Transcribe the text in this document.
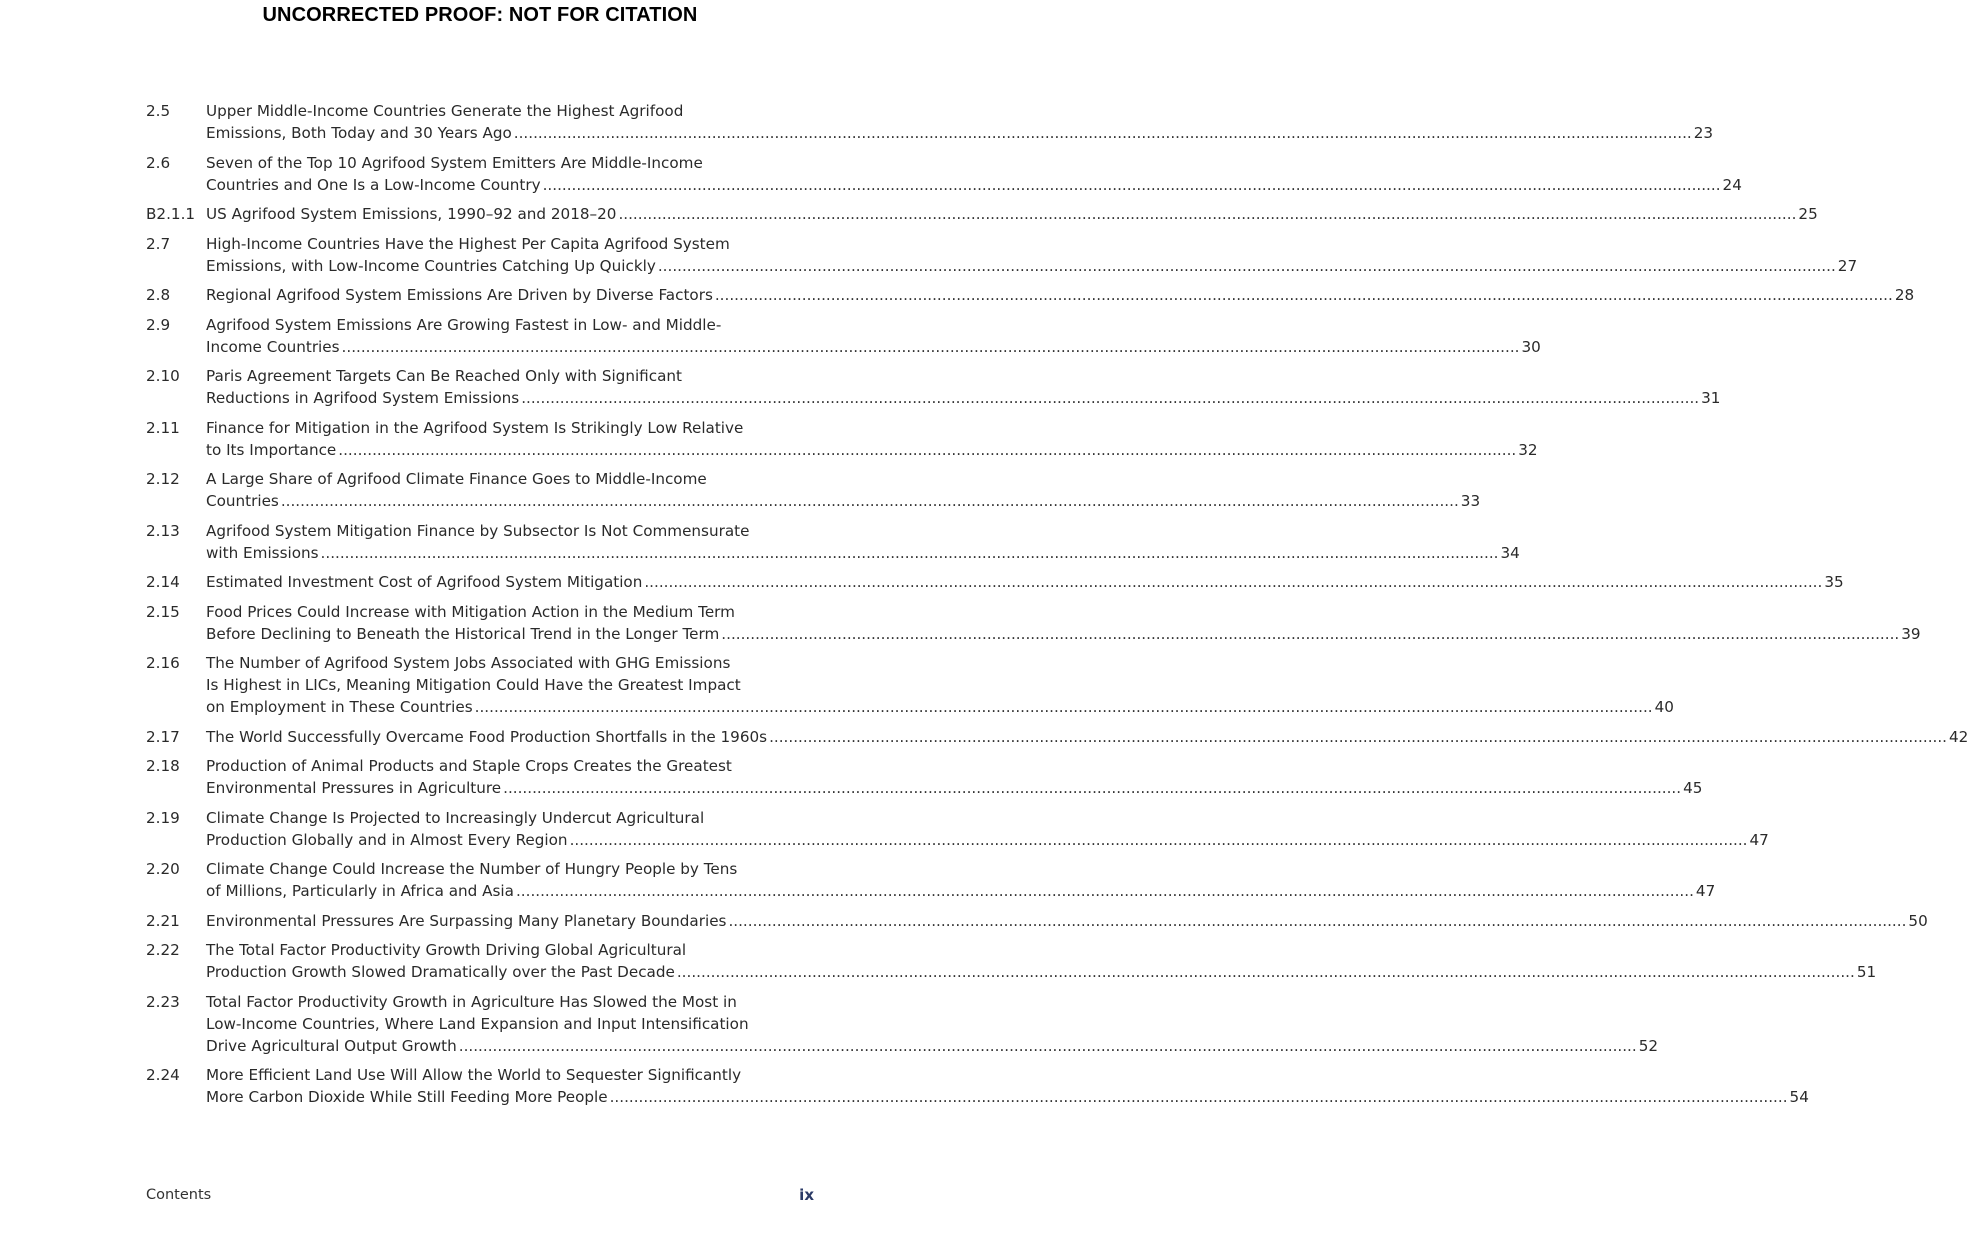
UNCORRECTED PROOF: NOT FOR CITATION
2.5	Upper Middle-Income Countries Generate the Highest Agrifood
Emissions, Both Today and 30 Years Ago .....	23
2.6	Seven of the Top 10 Agrifood System Emitters Are Middle-Income
Countries and One Is a Low-Income Country .....	24
B2.1.1 US Agrifood System Emissions, 1990–92 and 2018–20 .....	25
2.7	High-Income Countries Have the Highest Per Capita Agrifood System
Emissions, with Low-Income Countries Catching Up Quickly .....	27
2.8	Regional Agrifood System Emissions Are Driven by Diverse Factors .....	28
2.9	Agrifood System Emissions Are Growing Fastest in Low- and Middle-
Income Countries .....	30
2.10	Paris Agreement Targets Can Be Reached Only with Significant
Reductions in Agrifood System Emissions .....	31
2.11	Finance for Mitigation in the Agrifood System Is Strikingly Low Relative
to Its Importance .....	32
2.12	A Large Share of Agrifood Climate Finance Goes to Middle-Income
Countries .....	33
2.13	Agrifood System Mitigation Finance by Subsector Is Not Commensurate
with Emissions .....	34
2.14	Estimated Investment Cost of Agrifood System Mitigation .....	35
2.15	Food Prices Could Increase with Mitigation Action in the Medium Term
Before Declining to Beneath the Historical Trend in the Longer Term .....	39
2.16	The Number of Agrifood System Jobs Associated with GHG Emissions
Is Highest in LICs, Meaning Mitigation Could Have the Greatest Impact
on Employment in These Countries .....	40
2.17	The World Successfully Overcame Food Production Shortfalls in the 1960s .....	42
2.18	Production of Animal Products and Staple Crops Creates the Greatest
Environmental Pressures in Agriculture .....	45
2.19	Climate Change Is Projected to Increasingly Undercut Agricultural
Production Globally and in Almost Every Region .....	47
2.20	Climate Change Could Increase the Number of Hungry People by Tens
of Millions, Particularly in Africa and Asia .....	47
2.21	Environmental Pressures Are Surpassing Many Planetary Boundaries .....	50
2.22	The Total Factor Productivity Growth Driving Global Agricultural
Production Growth Slowed Dramatically over the Past Decade .....	51
2.23	Total Factor Productivity Growth in Agriculture Has Slowed the Most in
Low-Income Countries, Where Land Expansion and Input Intensification
Drive Agricultural Output Growth .....	52
2.24	More Efficient Land Use Will Allow the World to Sequester Significantly
More Carbon Dioxide While Still Feeding More People .....	54
Contents	ix
